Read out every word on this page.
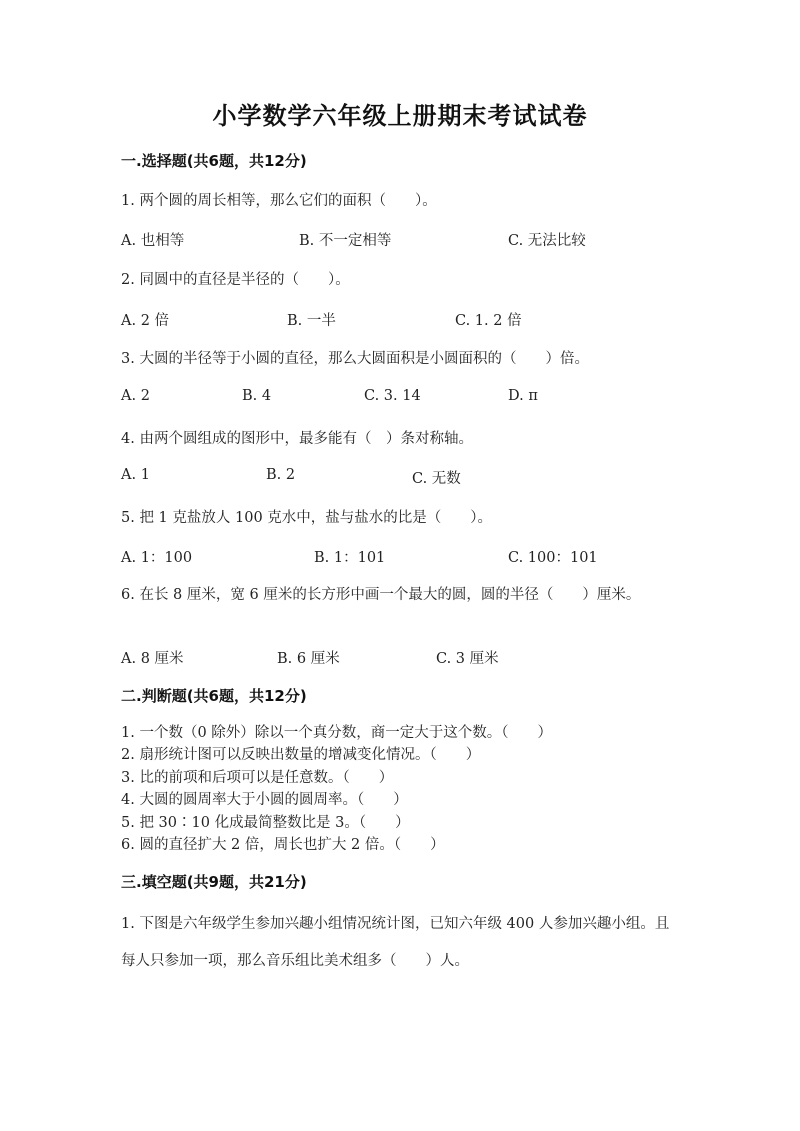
小学数学六年级上册期末考试试卷
一.选择题(共6题，共12分)
1. 两个圆的周长相等，那么它们的面积（　　）。
A. 也相等	B. 不一定相等	C. 无法比较
2. 同圆中的直径是半径的（　　）。
A. 2 倍	B. 一半	C. 1. 2 倍
3. 大圆的半径等于小圆的直径，那么大圆面积是小圆面积的（　　）倍。
A. 2	B. 4	C. 3. 14	D. π
4. 由两个圆组成的图形中，最多能有（　）条对称轴。
A. 1	B. 2	C. 无数
5. 把 1 克盐放人 100 克水中，盐与盐水的比是（　　）。
A. 1：100	B. 1：101	C. 100：101
6. 在长 8 厘米，宽 6 厘米的长方形中画一个最大的圆，圆的半径（　　）厘米。
A. 8 厘米	B. 6 厘米	C. 3 厘米
二.判断题(共6题，共12分)
1. 一个数（0 除外）除以一个真分数，商一定大于这个数。（　　）
2. 扇形统计图可以反映出数量的增减变化情况。（　　）
3. 比的前项和后项可以是任意数。（　　）
4. 大圆的圆周率大于小圆的圆周率。（　　）
5. 把 30∶10 化成最简整数比是 3。（　　）
6. 圆的直径扩大 2 倍，周长也扩大 2 倍。（　　）
三.填空题(共9题，共21分)
1. 下图是六年级学生参加兴趣小组情况统计图，已知六年级 400 人参加兴趣小组。且每人只参加一项，那么音乐组比美术组多（　　）人。
